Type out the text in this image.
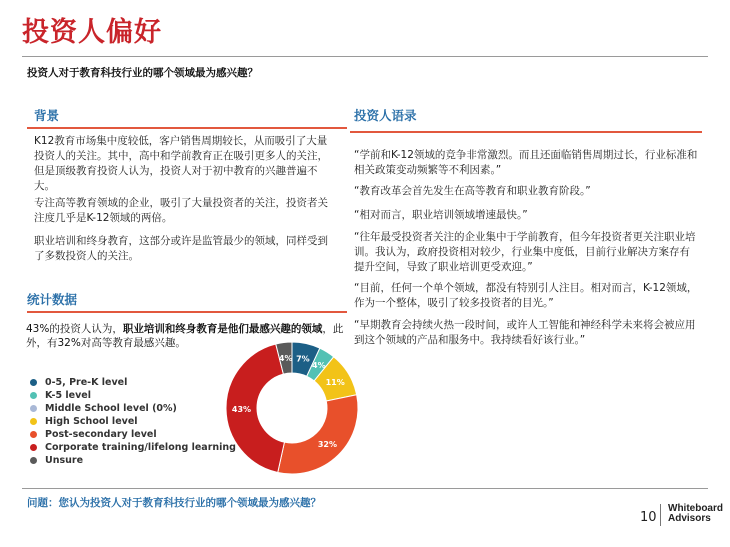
投资人偏好
投资人对于教育科技行业的哪个领域最为感兴趣？
背景
K12教育市场集中度较低，客户销售周期较长，从而吸引了大量投资人的关注。其中，高中和学前教育正在吸引更多人的关注，但是顶级教育投资人认为，投资人对于初中教育的兴趣普遍不大。
专注高等教育领域的企业，吸引了大量投资者的关注，投资者关注度几乎是K-12领域的两倍。
职业培训和终身教育，这部分或许是监管最少的领域，同样受到了多数投资人的关注。
投资人语录
“学前和K-12领域的竞争非常激烈。而且还面临销售周期过长，行业标准和相关政策变动频繁等不利因素。”
“教育改革会首先发生在高等教育和职业教育阶段。”
“相对而言，职业培训领域增速最快。”
“往年最受投资者关注的企业集中于学前教育，但今年投资者更关注职业培训。我认为，政府投资相对较少，行业集中度低，目前行业解决方案存有提升空间，导致了职业培训更受欢迎。”
“目前，任何一个单个领域，都没有特别引人注目。相对而言，K-12领域，作为一个整体，吸引了较多投资者的目光。”
“早期教育会持续火热一段时间，或许人工智能和神经科学未来将会被应用到这个领域的产品和服务中。我持续看好该行业。”
统计数据
43%的投资人认为，职业培训和终身教育是他们最感兴趣的领域，此外，有32%对高等教育最感兴趣。
0-5, Pre-K level
K-5 level
Middle School level (0%)
High School level
Post-secondary level
Corporate training/lifelong learning
Unsure
7%
4%
11%
32%
43%
4%
问题：您认为投资人对于教育科技行业的哪个领域最为感兴趣？
10
Whiteboard
Advisors
